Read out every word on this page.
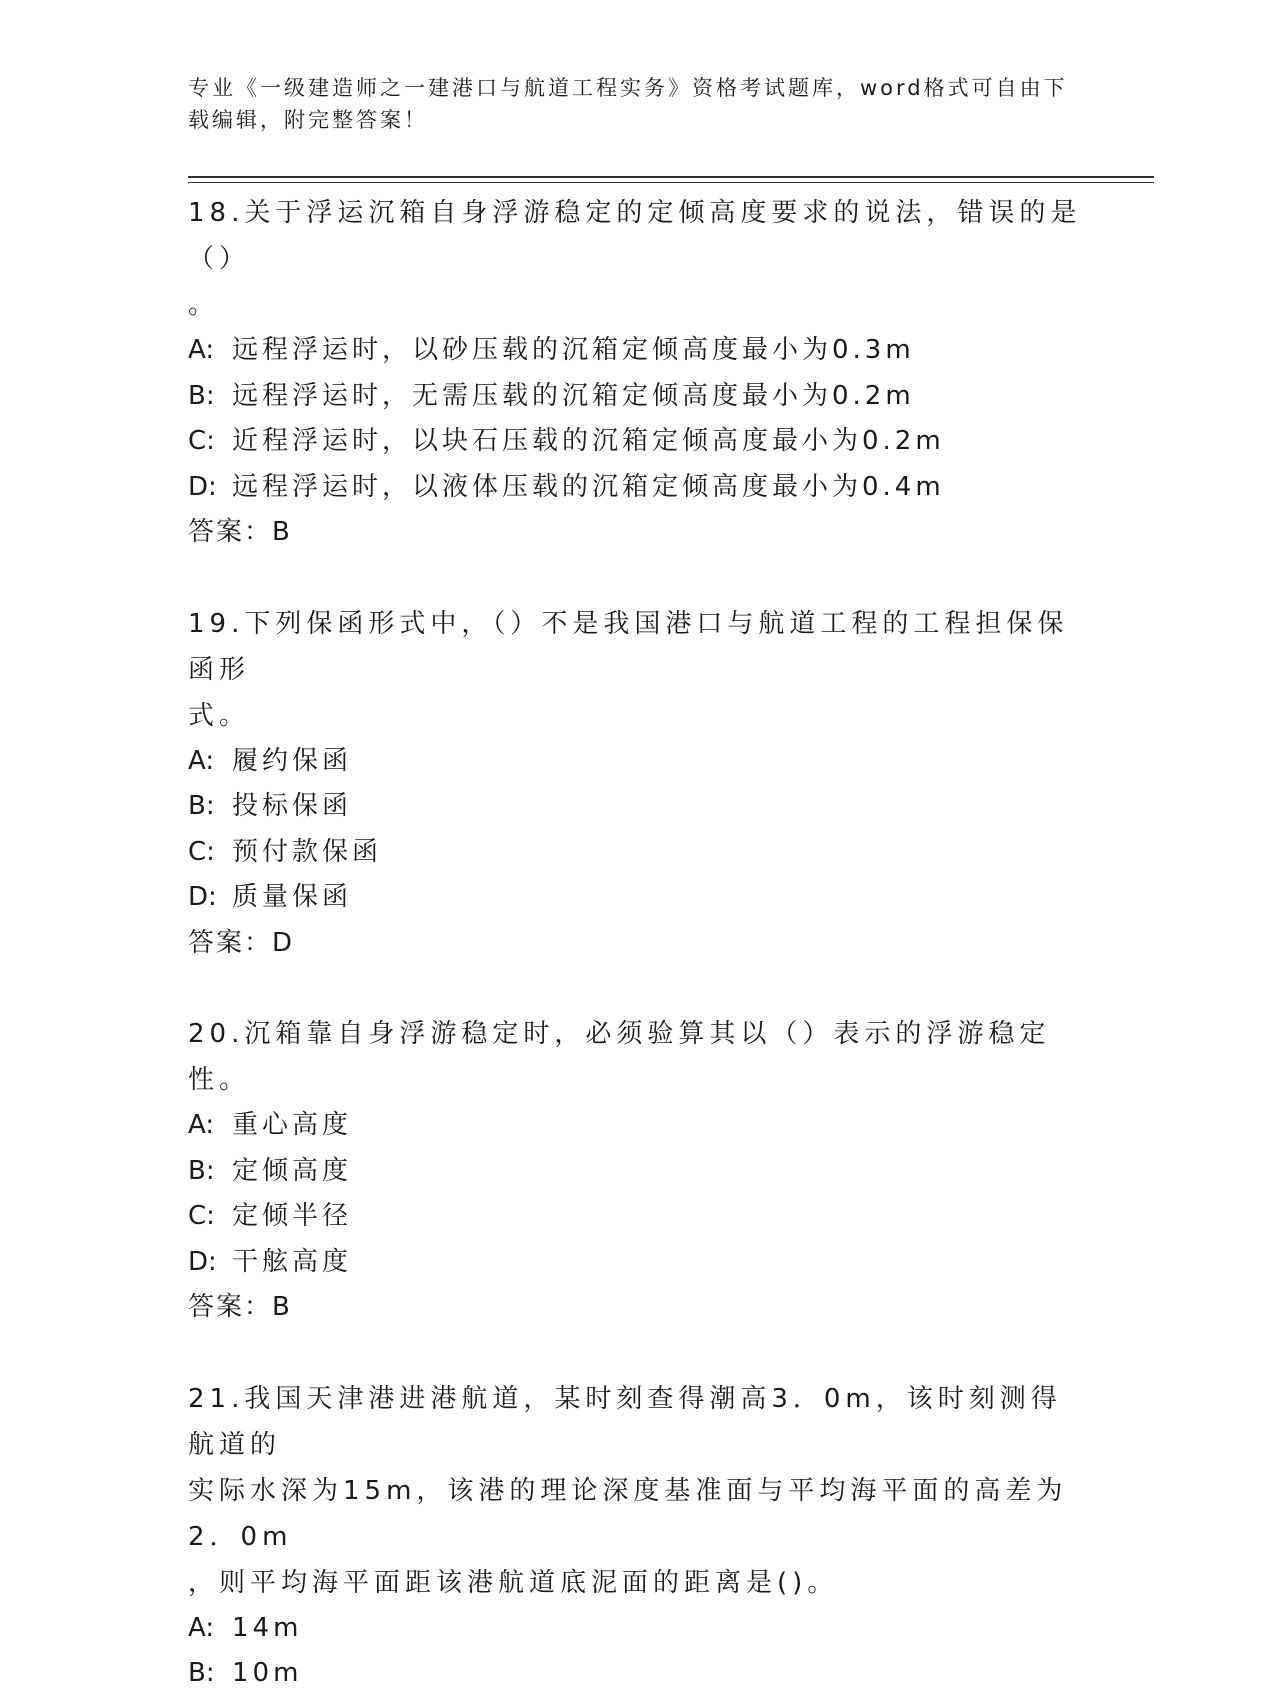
专业《一级建造师之一建港口与航道工程实务》资格考试题库，word格式可自由下载编辑，附完整答案！
18.关于浮运沉箱自身浮游稳定的定倾高度要求的说法，错误的是（）
。
A: 远程浮运时，以砂压载的沉箱定倾高度最小为0.3m
B: 远程浮运时，无需压载的沉箱定倾高度最小为0.2m
C: 近程浮运时，以块石压载的沉箱定倾高度最小为0.2m
D: 远程浮运时，以液体压载的沉箱定倾高度最小为0.4m
答案：B
19.下列保函形式中，（）不是我国港口与航道工程的工程担保保函形
式。
A: 履约保函
B: 投标保函
C: 预付款保函
D: 质量保函
答案：D
20.沉箱靠自身浮游稳定时，必须验算其以（）表示的浮游稳定性。
A: 重心高度
B: 定倾高度
C: 定倾半径
D: 干舷高度
答案：B
21.我国天津港进港航道，某时刻查得潮高3．0m，该时刻测得航道的
实际水深为15m，该港的理论深度基准面与平均海平面的高差为2．0m
，则平均海平面距该港航道底泥面的距离是()。
A: 14m
B: 10m
